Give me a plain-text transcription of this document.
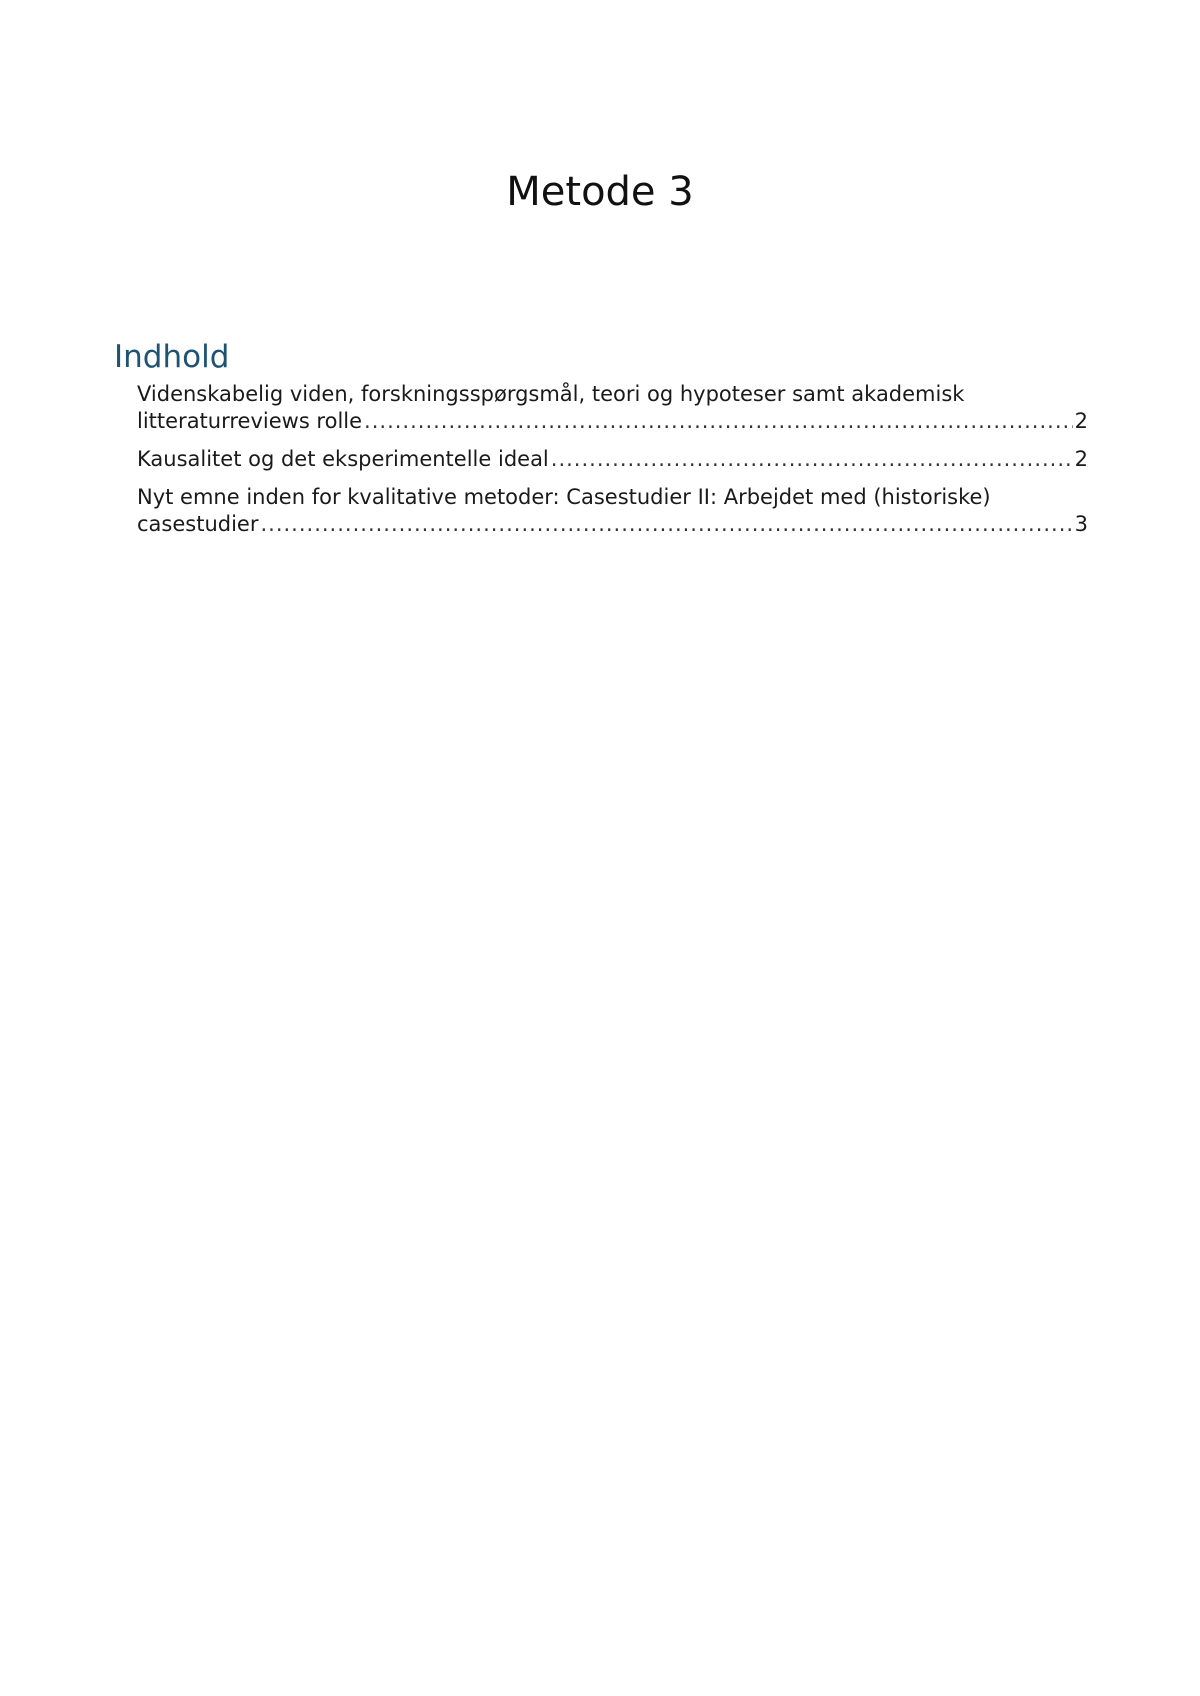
Metode 3
Indhold
Videnskabelig viden, forskningsspørgsmål, teori og hypoteser samt akademisk
litteraturreviews rolle .....	2
Kausalitet og det eksperimentelle ideal .....	2
Nyt emne inden for kvalitative metoder: Casestudier II: Arbejdet med (historiske)
casestudier .....	3
